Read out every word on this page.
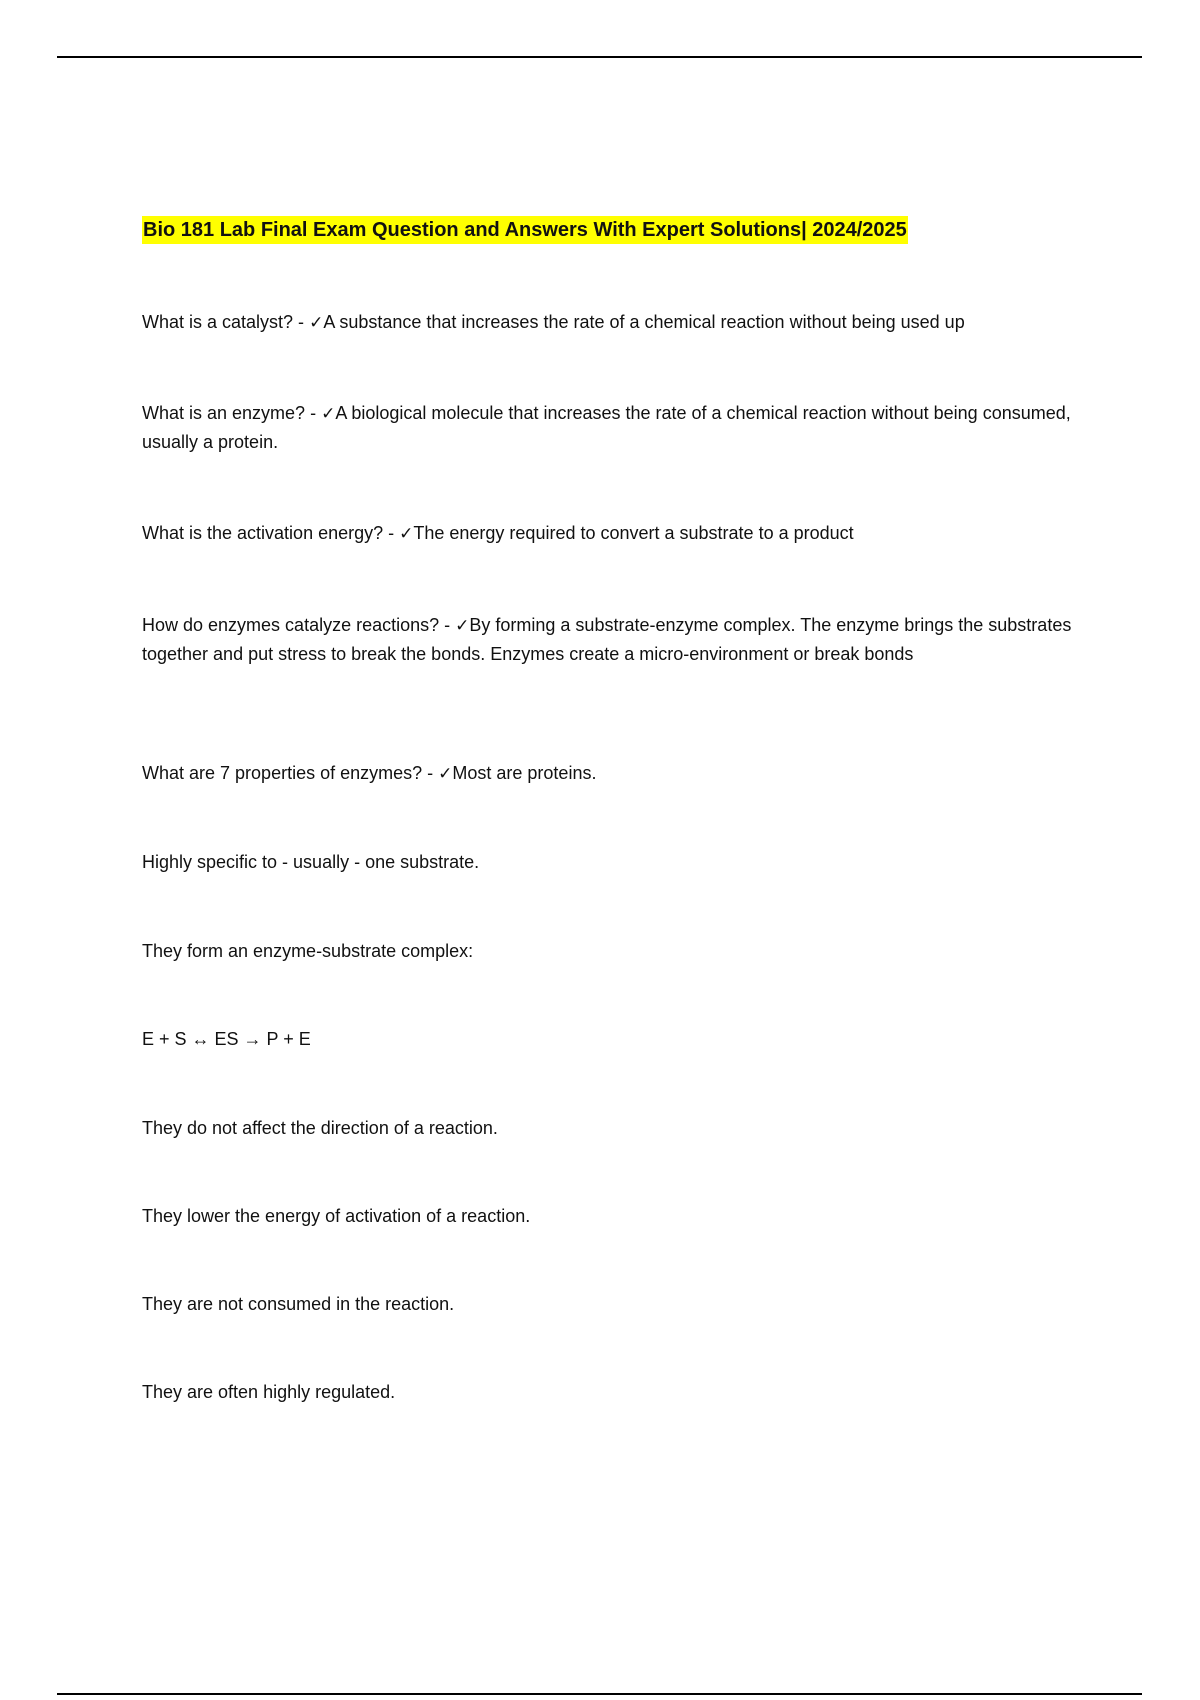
Bio 181 Lab Final Exam Question and Answers With Expert Solutions| 2024/2025

What is a catalyst? - ✓A substance that increases the rate of a chemical reaction without being used up

What is an enzyme? - ✓A biological molecule that increases the rate of a chemical reaction without being consumed, usually a protein.

What is the activation energy? - ✓The energy required to convert a substrate to a product

How do enzymes catalyze reactions? - ✓By forming a substrate-enzyme complex. The enzyme brings the substrates together and put stress to break the bonds. Enzymes create a micro-environment or break bonds

What are 7 properties of enzymes? - ✓Most are proteins.

Highly specific to - usually - one substrate.

They form an enzyme-substrate complex:

E + S ↔ ES → P + E

They do not affect the direction of a reaction.

They lower the energy of activation of a reaction.

They are not consumed in the reaction.

They are often highly regulated.
